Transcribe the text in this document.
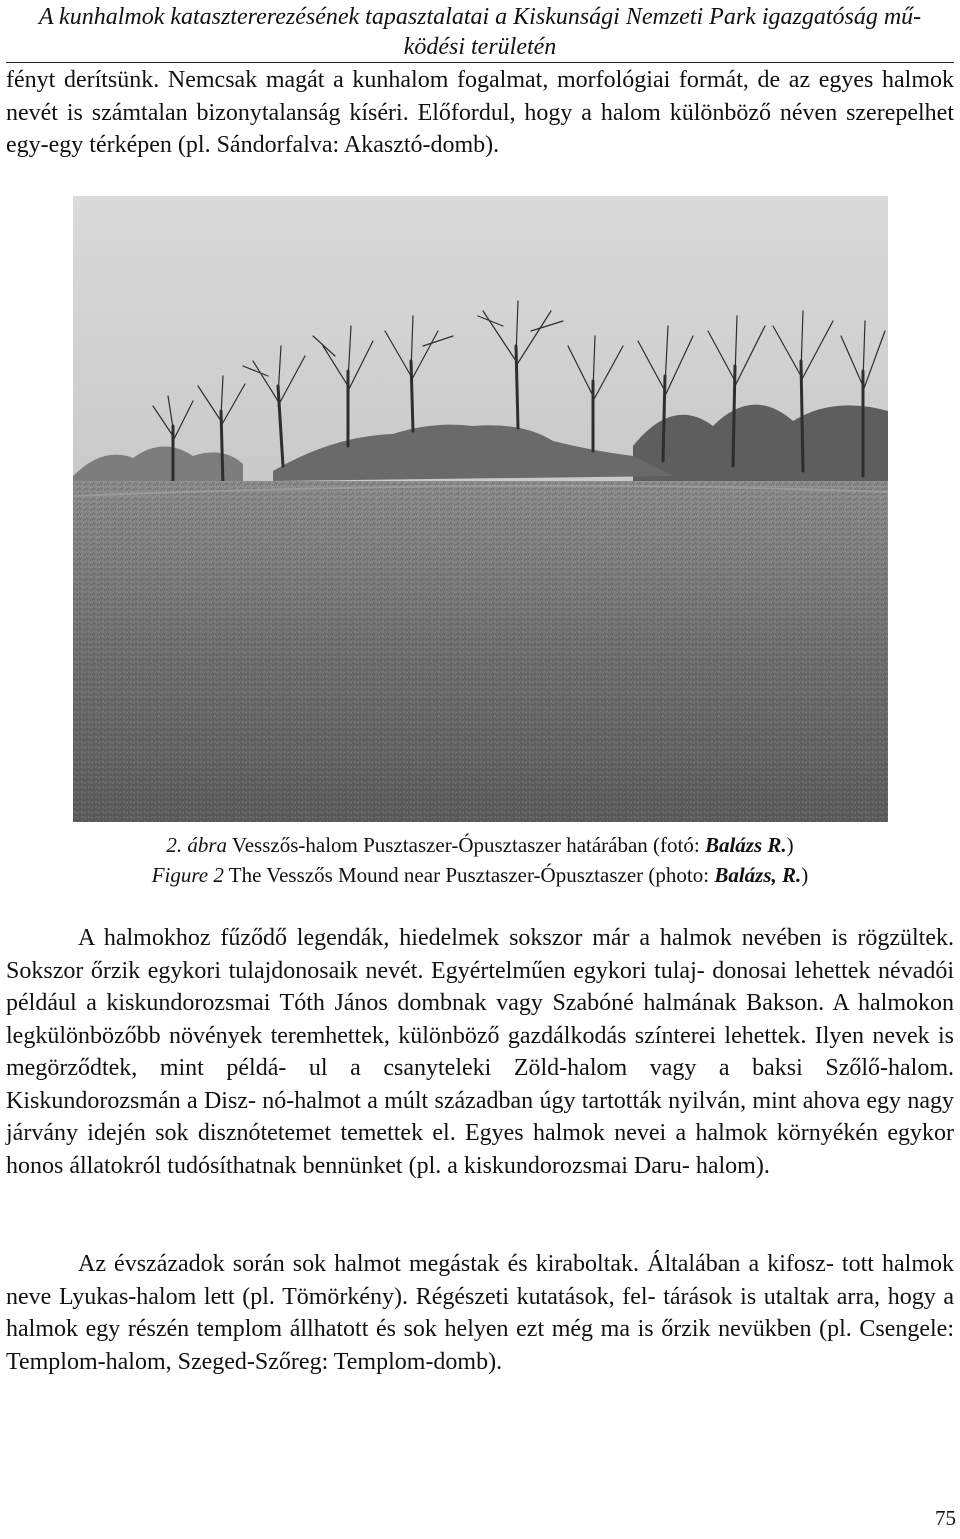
A kunhalmok katasztererezésének tapasztalatai a Kiskunsági Nemzeti Park igazgatóság mű-
ködési területén
fényt derítsünk. Nemcsak magát a kunhalom fogalmat, morfológiai formát, de az egyes halmok nevét is számtalan bizonytalanság kíséri. Előfordul, hogy a halom különböző néven szerepelhet egy-egy térképen (pl. Sándorfalva: Akasztó-domb).
2. ábra Vesszős-halom Pusztaszer-Ópusztaszer határában (fotó: Balázs R.)
Figure 2 The Vesszős Mound near Pusztaszer-Ópusztaszer (photo: Balázs, R.)
A halmokhoz fűződő legendák, hiedelmek sokszor már a halmok nevében is rögzültek. Sokszor őrzik egykori tulajdonosaik nevét. Egyértelműen egykori tulaj- donosai lehettek névadói például a kiskundorozsmai Tóth János dombnak vagy Szabóné halmának Bakson. A halmokon legkülönbözőbb növények teremhettek, különböző gazdálkodás színterei lehettek. Ilyen nevek is megörződtek, mint példá- ul a csanyteleki Zöld-halom vagy a baksi Szőlő-halom. Kiskundorozsmán a Disz- nó-halmot a múlt században úgy tartották nyilván, mint ahova egy nagy járvány idején sok disznótetemet temettek el. Egyes halmok nevei a halmok környékén egykor honos állatokról tudósíthatnak bennünket (pl. a kiskundorozsmai Daru- halom).
Az évszázadok során sok halmot megástak és kiraboltak. Általában a kifosz- tott halmok neve Lyukas-halom lett (pl. Tömörkény). Régészeti kutatások, fel- tárások is utaltak arra, hogy a halmok egy részén templom állhatott és sok helyen ezt még ma is őrzik nevükben (pl. Csengele: Templom-halom, Szeged-Szőreg: Templom-domb).
75
